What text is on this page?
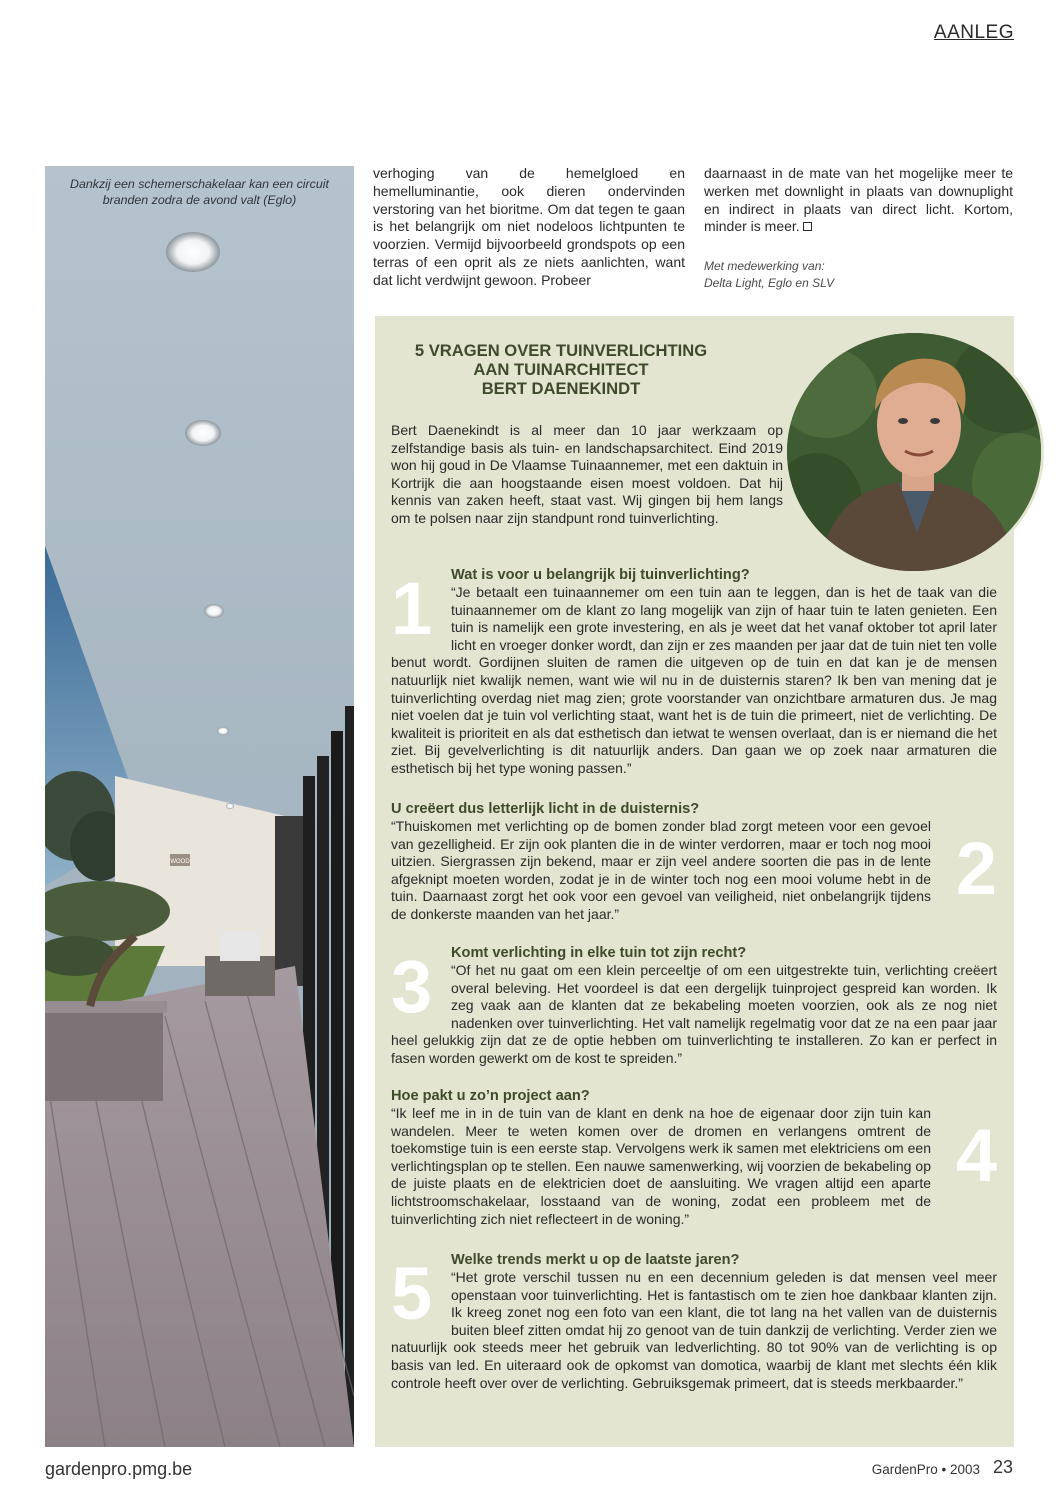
AANLEG
WOOD
Dankzij een schemerschakelaar kan een circuit branden zodra de avond valt (Eglo)
verhoging van de hemelgloed en hemelluminantie, ook dieren ondervinden verstoring van het bioritme. Om dat tegen te gaan is het belangrijk om niet nodeloos lichtpunten te voorzien. Vermijd bijvoorbeeld grondspots op een terras of een oprit als ze niets aanlichten, want dat licht verdwijnt gewoon. Probeer
daarnaast in de mate van het mogelijke meer te werken met downlight in plaats van downuplight en indirect in plaats van direct licht. Kortom, minder is meer.
Met medewerking van:
Delta Light, Eglo en SLV
5 VRAGEN OVER TUINVERLICHTING
AAN TUINARCHITECT
BERT DAENEKINDT
Bert Daenekindt is al meer dan 10 jaar werkzaam op zelfstandige basis als tuin- en landschapsarchitect. Eind 2019 won hij goud in De Vlaamse Tuinaannemer, met een daktuin in Kortrijk die aan hoogstaande eisen moest voldoen. Dat hij kennis van zaken heeft, staat vast. Wij gingen bij hem langs om te polsen naar zijn standpunt rond tuinverlichting.
1	Wat is voor u belangrijk bij tuinverlichting?
“Je betaalt een tuinaannemer om een tuin aan te leggen, dan is het de taak van die tuinaannemer om de klant zo lang mogelijk van zijn of haar tuin te laten genieten. Een tuin is namelijk een grote investering, en als je weet dat het vanaf oktober tot april later licht en vroeger donker wordt, dan zijn er zes maanden per jaar dat de tuin niet ten volle benut wordt. Gordijnen sluiten de ramen die uitgeven op de tuin en dat kan je de mensen natuurlijk niet kwalijk nemen, want wie wil nu in de duisternis staren? Ik ben van mening dat je tuinverlichting overdag niet mag zien; grote voorstander van onzichtbare armaturen dus. Je mag niet voelen dat je tuin vol verlichting staat, want het is de tuin die primeert, niet de verlichting. De kwaliteit is prioriteit en als dat esthetisch dan ietwat te wensen overlaat, dan is er niemand die het ziet. Bij gevelverlichting is dit natuurlijk anders. Dan gaan we op zoek naar armaturen die esthetisch bij het type woning passen.”
U creëert dus letterlijk licht in de duisternis?
2
“Thuiskomen met verlichting op de bomen zonder blad zorgt meteen voor een gevoel van gezelligheid. Er zijn ook planten die in de winter verdorren, maar er toch nog mooi uitzien. Siergrassen zijn bekend, maar er zijn veel andere soorten die pas in de lente afgeknipt moeten worden, zodat je in de winter toch nog een mooi volume hebt in de tuin. Daarnaast zorgt het ook voor een gevoel van veiligheid, niet onbelangrijk tijdens de donkerste maanden van het jaar.”
3	Komt verlichting in elke tuin tot zijn recht?
“Of het nu gaat om een klein perceeltje of om een uitgestrekte tuin, verlichting creëert overal beleving. Het voordeel is dat een dergelijk tuinproject gespreid kan worden. Ik zeg vaak aan de klanten dat ze bekabeling moeten voorzien, ook als ze nog niet nadenken over tuinverlichting. Het valt namelijk regelmatig voor dat ze na een paar jaar heel gelukkig zijn dat ze de optie hebben om tuinverlichting te installeren. Zo kan er perfect in fasen worden gewerkt om de kost te spreiden.”
Hoe pakt u zo’n project aan?
4
“Ik leef me in in de tuin van de klant en denk na hoe de eigenaar door zijn tuin kan wandelen. Meer te weten komen over de dromen en verlangens omtrent de toekomstige tuin is een eerste stap. Vervolgens werk ik samen met elektriciens om een verlichtingsplan op te stellen. Een nauwe samenwerking, wij voorzien de bekabeling op de juiste plaats en de elektricien doet de aansluiting. We vragen altijd een aparte lichtstroomschakelaar, losstaand van de woning, zodat een probleem met de tuinverlichting zich niet reflecteert in de woning.”
5	Welke trends merkt u op de laatste jaren?
“Het grote verschil tussen nu en een decennium geleden is dat mensen veel meer openstaan voor tuinverlichting. Het is fantastisch om te zien hoe dankbaar klanten zijn. Ik kreeg zonet nog een foto van een klant, die tot lang na het vallen van de duisternis buiten bleef zitten omdat hij zo genoot van de tuin dankzij de verlichting. Verder zien we natuurlijk ook steeds meer het gebruik van ledverlichting. 80 tot 90% van de verlichting is op basis van led. En uiteraard ook de opkomst van domotica, waarbij de klant met slechts één klik controle heeft over over de verlichting. Gebruiksgemak primeert, dat is steeds merkbaarder.”
gardenpro.pmg.be	GardenPro • 2003 23
